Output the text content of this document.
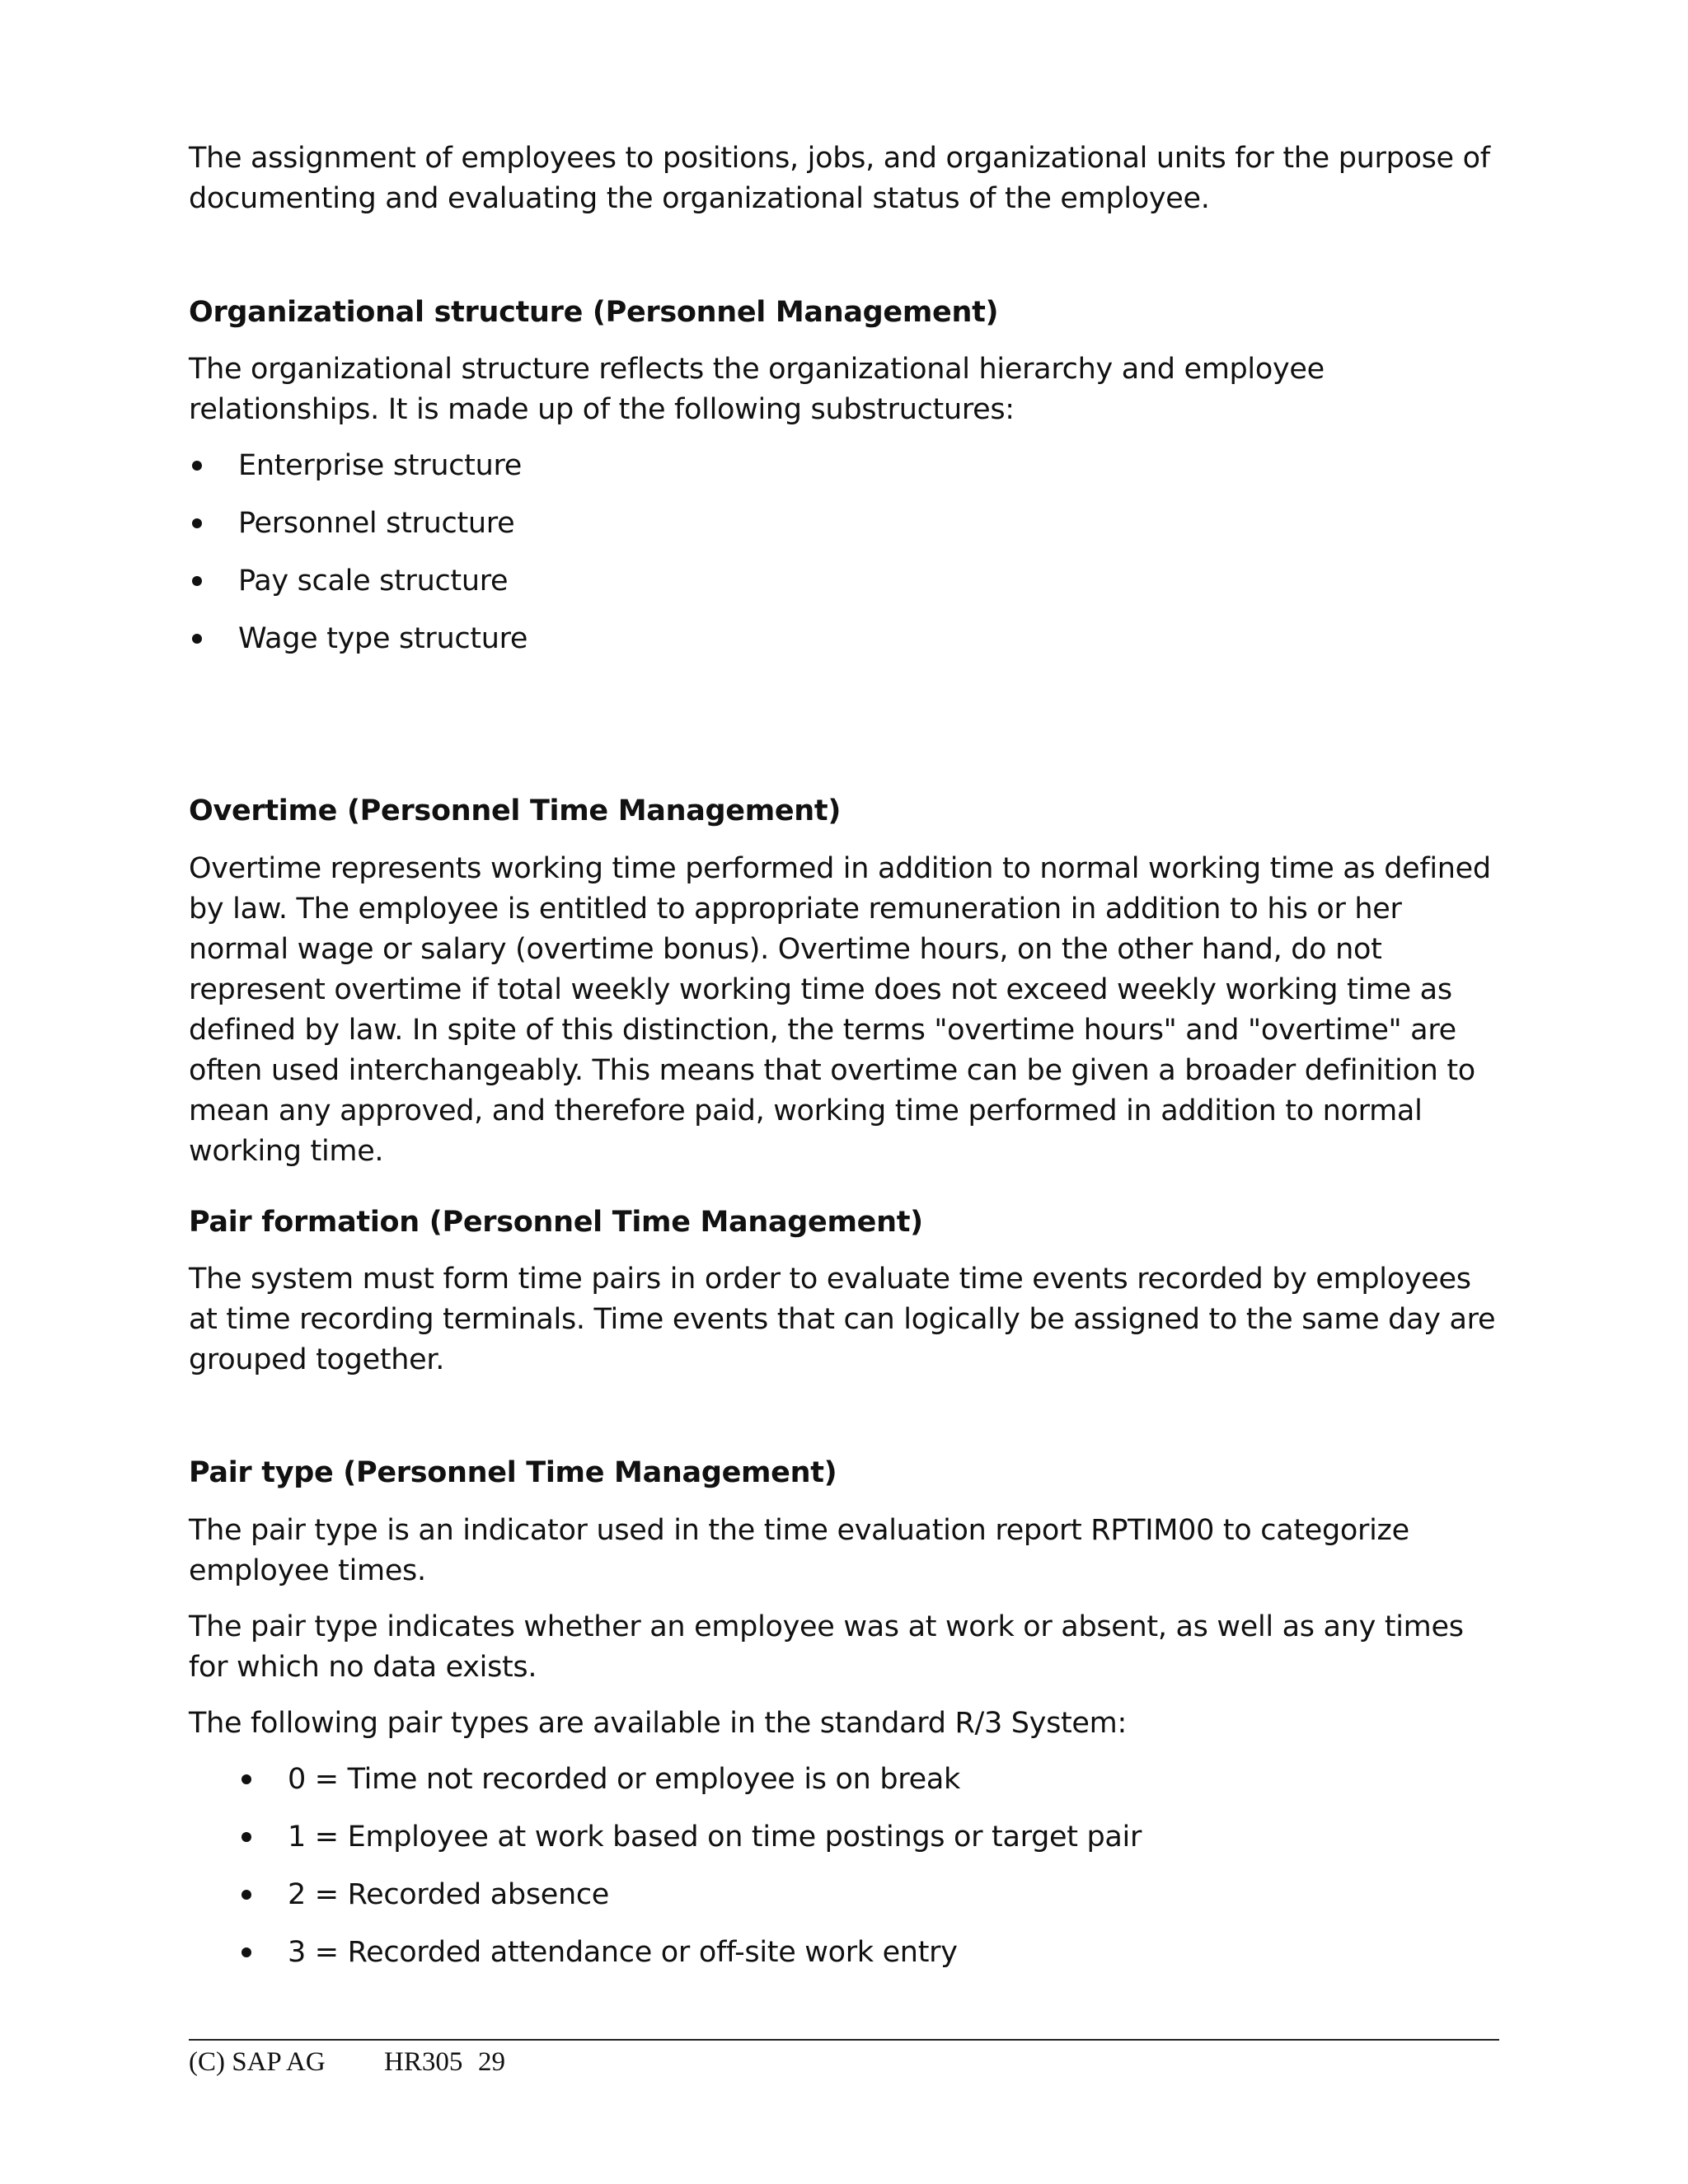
The assignment of employees to positions, jobs, and organizational units for the purpose of documenting and evaluating the organizational status of the employee.

Organizational structure (Personnel Management)

The organizational structure reflects the organizational hierarchy and employee relationships. It is made up of the following substructures:

Enterprise structure
Personnel structure
Pay scale structure
Wage type structure
Overtime (Personnel Time Management)

Overtime represents working time performed in addition to normal working time as defined by law. The employee is entitled to appropriate remuneration in addition to his or her normal wage or salary (overtime bonus). Overtime hours, on the other hand, do not represent overtime if total weekly working time does not exceed weekly working time as defined by law. In spite of this distinction, the terms "overtime hours" and "overtime" are often used interchangeably. This means that overtime can be given a broader definition to mean any approved, and therefore paid, working time performed in addition to normal working time.

Pair formation (Personnel Time Management)

The system must form time pairs in order to evaluate time events recorded by employees at time recording terminals. Time events that can logically be assigned to the same day are grouped together.

Pair type (Personnel Time Management)

The pair type is an indicator used in the time evaluation report RPTIM00 to categorize employee times.

The pair type indicates whether an employee was at work or absent, as well as any times for which no data exists.

The following pair types are available in the standard R/3 System:

0 = Time not recorded or employee is on break
1 = Employee at work based on time postings or target pair
2 = Recorded absence
3 = Recorded attendance or off-site work entry
(C) SAP AG HR305 29
